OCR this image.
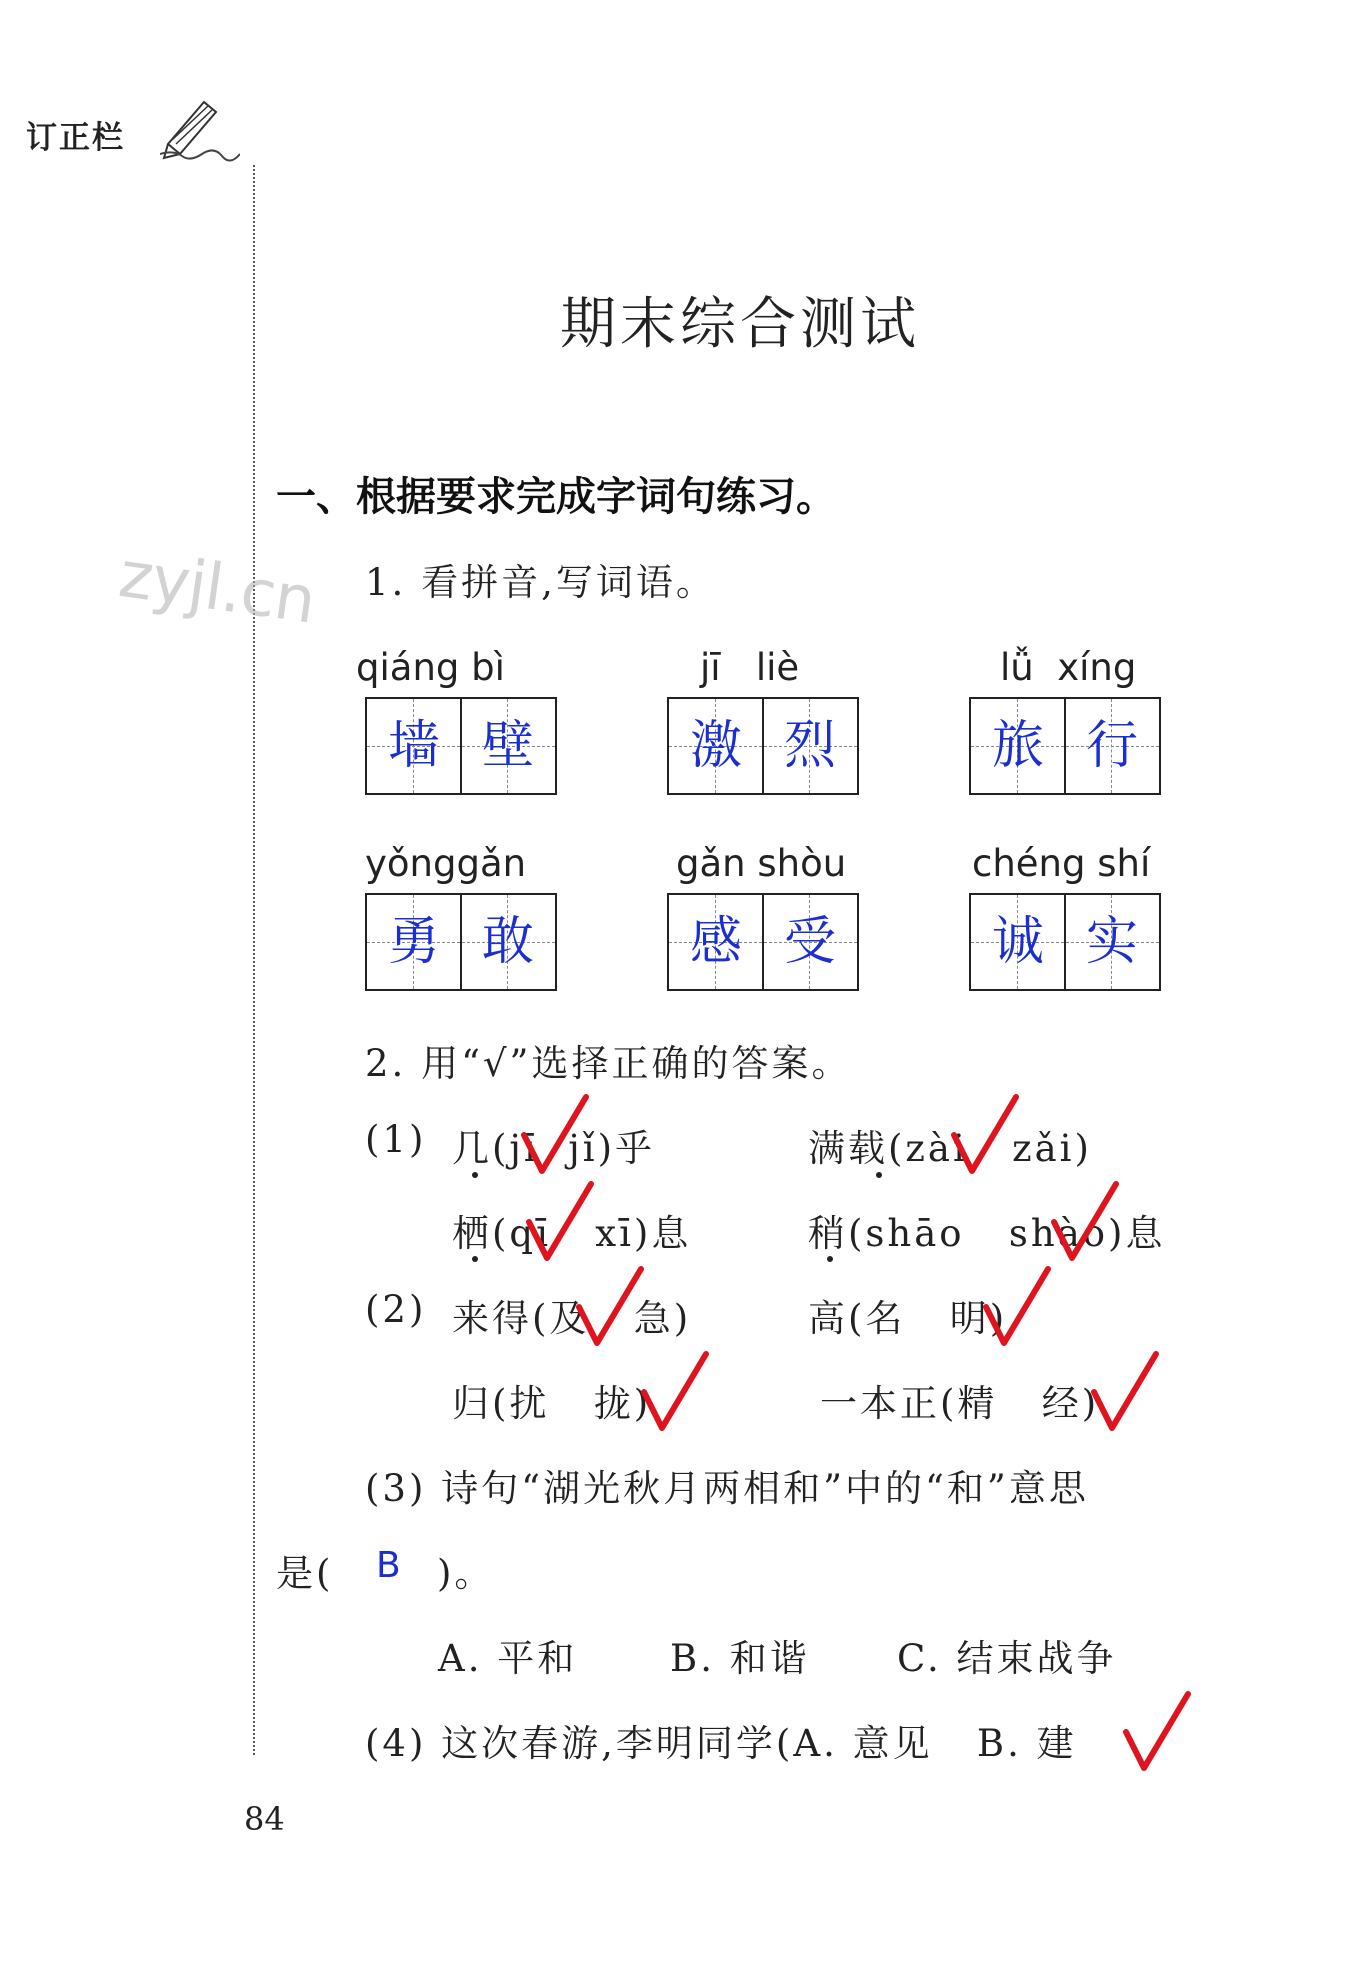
订正栏
zyjl.cn
期末综合测试
一、根据要求完成字词句练习。
1. 看拼音,写词语。
qiáng bì	jī   liè	lǚ  xíng
墙 壁	激 烈	旅 行
yǒnggǎn	gǎn shòu	chéng shí
勇 敢	感 受	诚 实
2. 用“√”选择正确的答案。
(1) 几(jī  jǐ)乎	满载(zài   zǎi)
栖(qī   xī)息	稍(shāo   shào)息
(2) 来得(及   急)	高(名   明)
归(扰   拢)	一本正(精   经)
(3) 诗句“湖光秋月两相和”中的“和”意思
是( B )。
A. 平和	B. 和谐 C. 结束战争
(4) 这次春游,李明同学(A. 意见   B. 建
84
